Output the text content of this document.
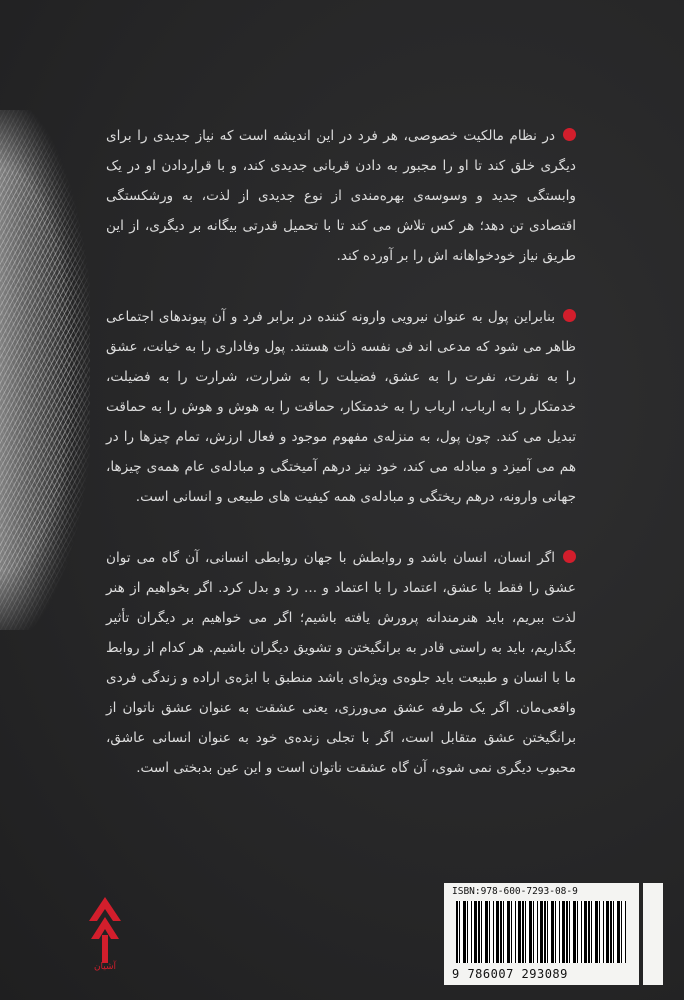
در نظام مالکیت خصوصی، هر فرد در این اندیشه است که نیاز جدیدی را برای دیگری خلق کند تا او را مجبور به دادن قربانی جدیدی کند، و با قراردادن او در یک وابستگی جدید و وسوسه‌ی بهره‌مندی از نوع جدیدی از لذت، به ورشکستگی اقتصادی تن دهد؛ هر کس تلاش می کند تا با تحمیل قدرتی بیگانه بر دیگری، از این طریق نیاز خودخواهانه اش را بر آورده کند.

بنابراین پول به عنوان نیرویی وارونه کننده در برابر فرد و آن پیوندهای اجتماعی ظاهر می شود که مدعی اند فی نفسه ذات هستند. پول وفاداری را به خیانت، عشق را به نفرت، نفرت را به عشق، فضیلت را به شرارت، شرارت را به فضیلت، خدمتکار را به ارباب، ارباب را به خدمتکار، حماقت را به هوش و هوش را به حماقت تبدیل می کند. چون پول، به منزله‌ی مفهوم موجود و فعال ارزش، تمام چیزها را در هم می آمیزد و مبادله می کند، خود نیز درهم آمیختگی و مبادله‌ی عام همه‌ی چیزها، جهانی وارونه، درهم ریختگی و مبادله‌ی همه کیفیت های طبیعی و انسانی است.

اگر انسان، انسان باشد و روابطش با جهان روابطی انسانی، آن گاه می توان عشق را فقط با عشق، اعتماد را با اعتماد و ... رد و بدل کرد. اگر بخواهیم از هنر لذت ببریم، باید هنرمندانه پرورش یافته باشیم؛ اگر می خواهیم بر دیگران تأثیر بگذاریم، باید به راستی قادر به برانگیختن و تشویق دیگران باشیم. هر کدام از روابط ما با انسان و طبیعت باید جلوه‌ی ویژه‌ای باشد منطبق با ابژه‌ی اراده و زندگی فردی واقعی‌مان. اگر یک طرفه عشق می‌ورزی، یعنی عشقت به عنوان عشق ناتوان از برانگیختن عشق متقابل است، اگر با تجلی زنده‌ی خود به عنوان انسانی عاشق، محبوب دیگری نمی شوی، آن گاه عشقت ناتوان است و این عین بدبختی است.

آشیان
ISBN:978-600-7293-08-9
9 786007 293089
